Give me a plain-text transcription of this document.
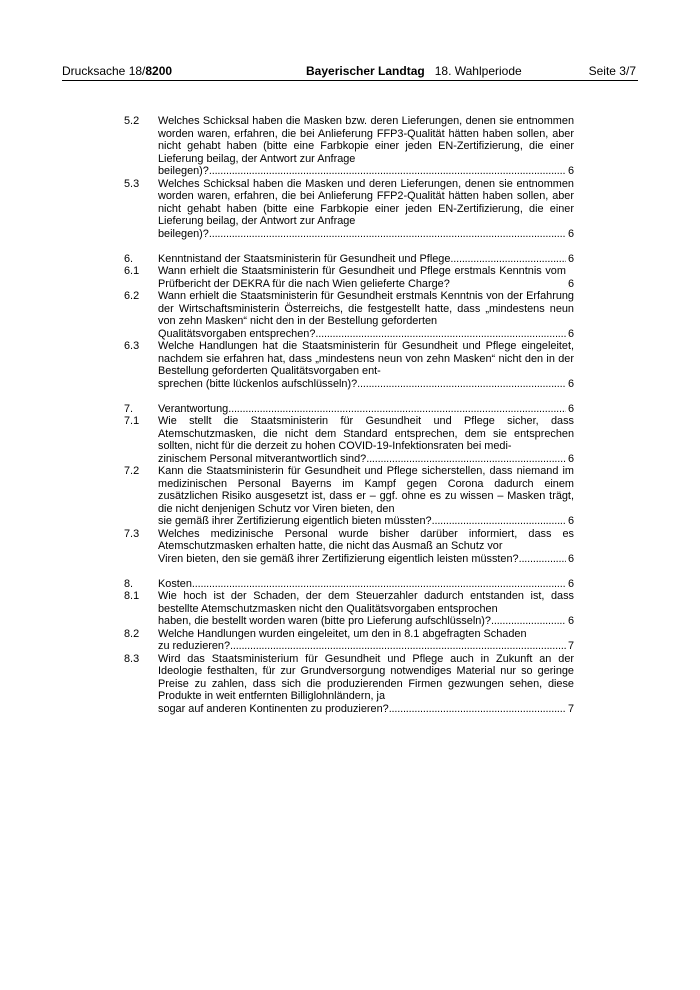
Drucksache 18/8200	Bayerischer Landtag 18. Wahlperiode	Seite 3/7
5.2 Welches Schicksal haben die Masken bzw. deren Lieferungen, denen sie entnommen worden waren, erfahren, die bei Anlieferung FFP3-Qualität hätten haben sollen, aber nicht gehabt haben (bitte eine Farbkopie einer jeden EN-Zertifizierung, die einer Lieferung beilag, der Antwort zur Anfrage
beilegen)? . . .	6
5.3 Welches Schicksal haben die Masken und deren Lieferungen, denen sie entnommen worden waren, erfahren, die bei Anlieferung FFP2-Qualität hätten haben sollen, aber nicht gehabt haben (bitte eine Farbkopie einer jeden EN-Zertifizierung, die einer Lieferung beilag, der Antwort zur Anfrage
beilegen)? . . .	6
6. Kenntnistand der Staatsministerin für Gesundheit und Pflege . . .	6
6.1 Wann erhielt die Staatsministerin für Gesundheit und Pflege erstmals Kenntnis vom Prüfbericht der DEKRA für die nach Wien gelieferte Charge?	6
6.2 Wann erhielt die Staatsministerin für Gesundheit erstmals Kenntnis von der Erfahrung der Wirtschaftsministerin Österreichs, die festgestellt hatte, dass „mindestens neun von zehn Masken“ nicht den in der Bestellung geforderten
Qualitätsvorgaben entsprechen? . . .	6
6.3 Welche Handlungen hat die Staatsministerin für Gesundheit und Pflege eingeleitet, nachdem sie erfahren hat, dass „mindestens neun von zehn Masken“ nicht den in der Bestellung geforderten Qualitätsvorgaben ent-
sprechen (bitte lückenlos aufschlüsseln)? . . .	6
7. Verantwortung . . .	6
7.1 Wie stellt die Staatsministerin für Gesundheit und Pflege sicher, dass Atemschutzmasken, die nicht dem Standard entsprechen, dem sie entsprechen sollten, nicht für die derzeit zu hohen COVID-19-Infektionsraten bei medi-
zinischem Personal mitverantwortlich sind? . . .	6
7.2 Kann die Staatsministerin für Gesundheit und Pflege sicherstellen, dass niemand im medizinischen Personal Bayerns im Kampf gegen Corona dadurch einem zusätzlichen Risiko ausgesetzt ist, dass er – ggf. ohne es zu wissen – Masken trägt, die nicht denjenigen Schutz vor Viren bieten, den
sie gemäß ihrer Zertifizierung eigentlich bieten müssten? . . .	6
7.3 Welches medizinische Personal wurde bisher darüber informiert, dass es Atemschutzmasken erhalten hatte, die nicht das Ausmaß an Schutz vor
Viren bieten, den sie gemäß ihrer Zertifizierung eigentlich leisten müssten? . . .	6
8. Kosten . . .	6
8.1 Wie hoch ist der Schaden, der dem Steuerzahler dadurch entstanden ist, dass bestellte Atemschutzmasken nicht den Qualitätsvorgaben entsprochen
haben, die bestellt worden waren (bitte pro Lieferung aufschlüsseln)? . . .	6
8.2 Welche Handlungen wurden eingeleitet, um den in 8.1 abgefragten Schaden
zu reduzieren? . . .	7
8.3 Wird das Staatsministerium für Gesundheit und Pflege auch in Zukunft an der Ideologie festhalten, für zur Grundversorgung notwendiges Material nur so geringe Preise zu zahlen, dass sich die produzierenden Firmen gezwungen sehen, diese Produkte in weit entfernten Billiglohnländern, ja
sogar auf anderen Kontinenten zu produzieren? . . .	7
